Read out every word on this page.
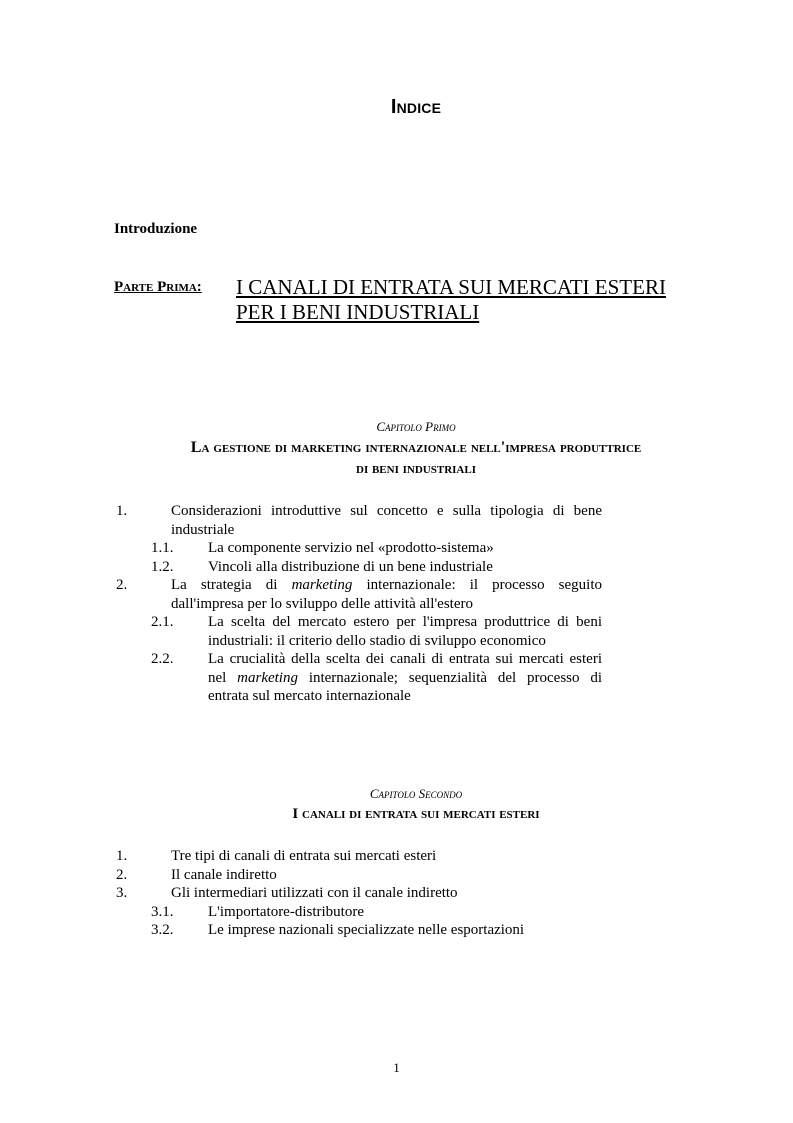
Indice
Introduzione
Parte Prima: I CANALI DI ENTRATA SUI MERCATI ESTERI
PER I BENI INDUSTRIALI
Capitolo Primo
La gestione di marketing internazionale nell'impresa produttrice
di beni industriali
1.	Considerazioni introduttive sul concetto e sulla tipologia di bene industriale
1.1. La componente servizio nel «prodotto-sistema»
1.2. Vincoli alla distribuzione di un bene industriale
2.	La strategia di marketing internazionale: il processo seguito dall'impresa per lo sviluppo delle attività all'estero
2.1. La scelta del mercato estero per l'impresa produttrice di beni industriali: il criterio dello stadio di sviluppo economico
2.2. La crucialità della scelta dei canali di entrata sui mercati esteri nel marketing internazionale; sequenzialità del processo di entrata sul mercato internazionale
Capitolo Secondo
I canali di entrata sui mercati esteri
1.	Tre tipi di canali di entrata sui mercati esteri
2.	Il canale indiretto
3.	Gli intermediari utilizzati con il canale indiretto
3.1. L'importatore-distributore
3.2. Le imprese nazionali specializzate nelle esportazioni
1
